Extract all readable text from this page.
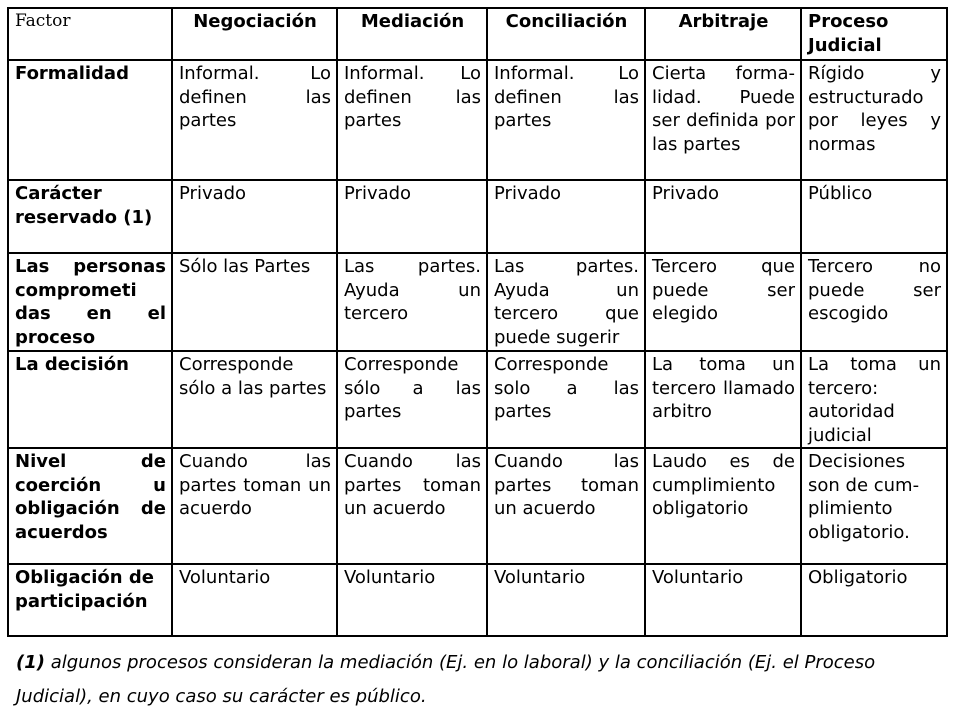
Factor	Negociación	Mediación	Conciliación	Arbitraje	Proceso Judicial
Formalidad	Informal. Lo definen las partes	Informal. Lo definen las partes	Informal. Lo definen las partes	Cierta forma-lidad. Puede ser definida por las partes	Rígido y estructurado por leyes y normas
Carácter reservado (1)	Privado	Privado	Privado	Privado	Público
Las personas comprometi das en el proceso	Sólo las Partes	Las partes. Ayuda un tercero	Las partes. Ayuda un tercero que puede sugerir	Tercero que puede ser elegido	Tercero no puede ser escogido
La decisión	Corresponde sólo a las partes	Corresponde sólo a las partes	Corresponde solo a las partes	La toma un tercero llamado arbitro	La toma un tercero: autoridad judicial
Nivel de coerción u obligación de acuerdos	Cuando las partes toman un acuerdo	Cuando las partes toman un acuerdo	Cuando las partes toman un acuerdo	Laudo es de cumplimiento obligatorio	Decisiones son de cum-plimiento obligatorio.
Obligación de participación	Voluntario	Voluntario	Voluntario	Voluntario	Obligatorio
(1) algunos procesos consideran la mediación (Ej. en lo laboral) y la conciliación (Ej. el Proceso Judicial), en cuyo caso su carácter es público.
